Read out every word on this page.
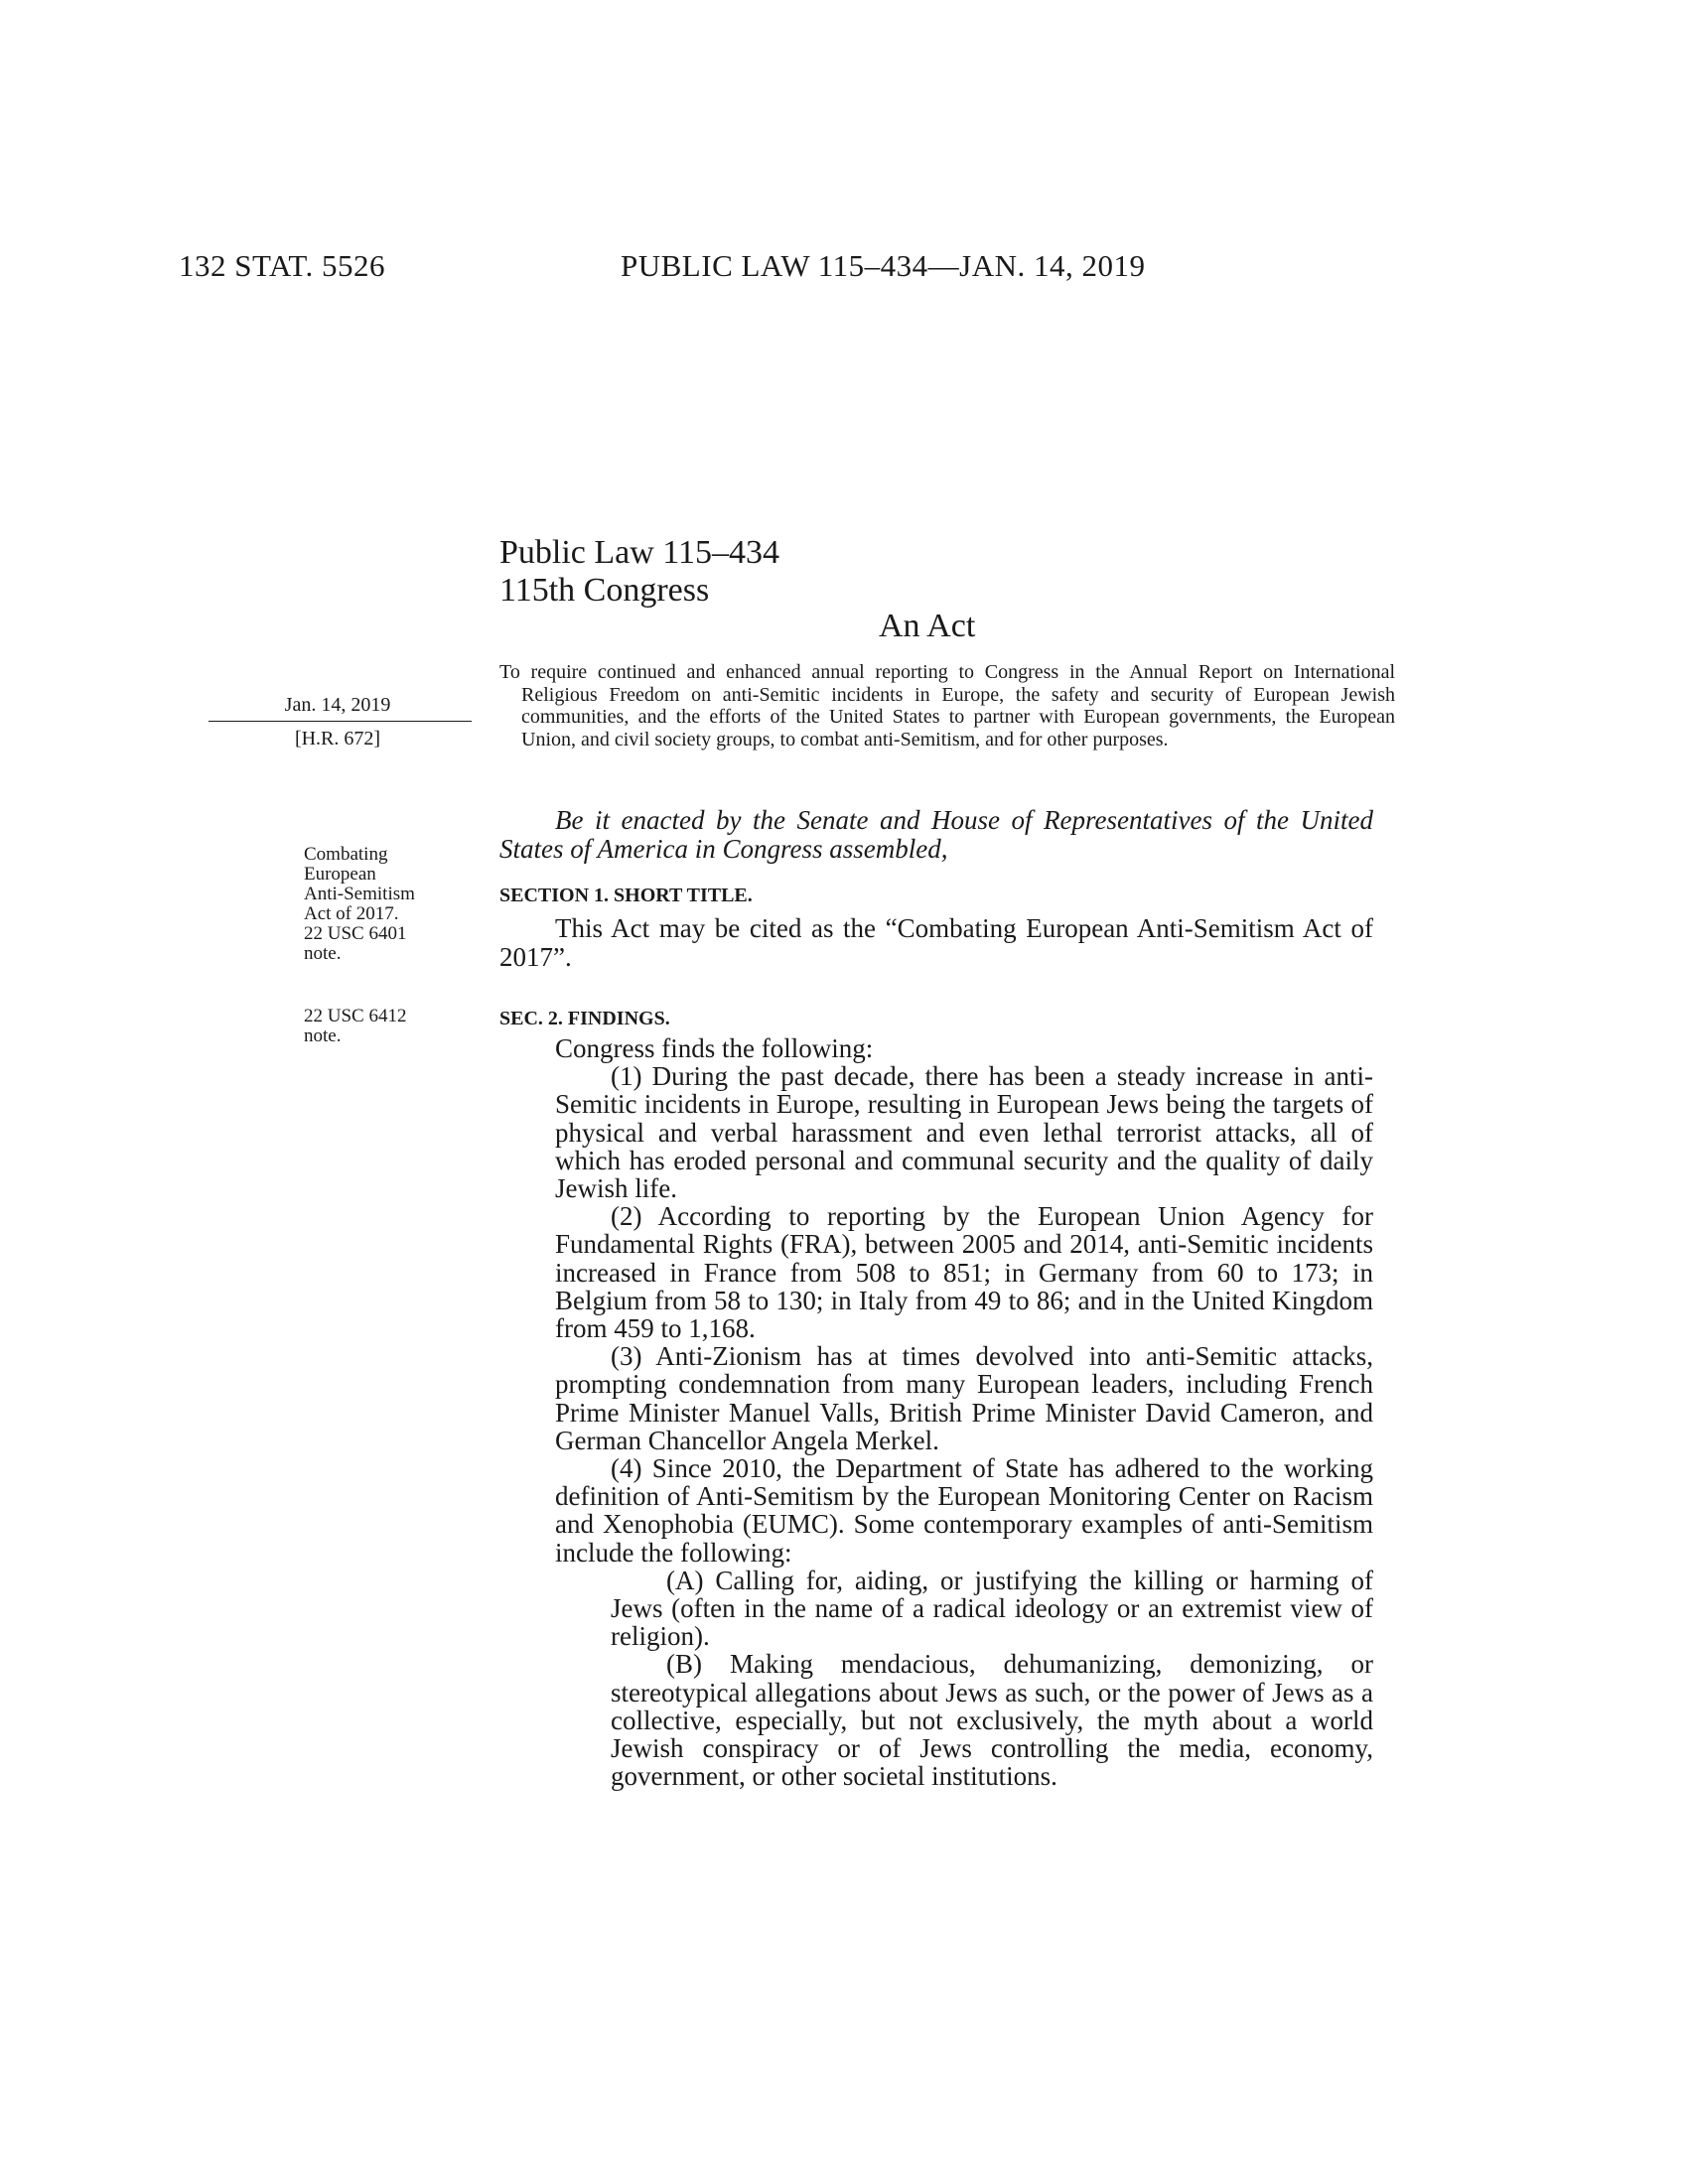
132 STAT. 5526	PUBLIC LAW 115–434—JAN. 14, 2019
Public Law 115–434
115th Congress
An Act
Jan. 14, 2019
[H.R. 672]
Combating
European
Anti-Semitism
Act of 2017.
22 USC 6401
note.
22 USC 6412
note.
To require continued and enhanced annual reporting to Congress in the Annual Report on International Religious Freedom on anti-Semitic incidents in Europe, the safety and security of European Jewish communities, and the efforts of the United States to partner with European governments, the European Union, and civil society groups, to combat anti-Semitism, and for other purposes.
Be it enacted by the Senate and House of Representatives of the United States of America in Congress assembled,
SECTION 1. SHORT TITLE.
This Act may be cited as the “Combating European Anti-Semitism Act of 2017”.
SEC. 2. FINDINGS.

Congress finds the following:

(1) During the past decade, there has been a steady increase in anti-Semitic incidents in Europe, resulting in European Jews being the targets of physical and verbal harassment and even lethal terrorist attacks, all of which has eroded personal and communal security and the quality of daily Jewish life.

(2) According to reporting by the European Union Agency for Fundamental Rights (FRA), between 2005 and 2014, anti-Semitic incidents increased in France from 508 to 851; in Germany from 60 to 173; in Belgium from 58 to 130; in Italy from 49 to 86; and in the United Kingdom from 459 to 1,168.

(3) Anti-Zionism has at times devolved into anti-Semitic attacks, prompting condemnation from many European leaders, including French Prime Minister Manuel Valls, British Prime Minister David Cameron, and German Chancellor Angela Merkel.

(4) Since 2010, the Department of State has adhered to the working definition of Anti-Semitism by the European Monitoring Center on Racism and Xenophobia (EUMC). Some contemporary examples of anti-Semitism include the following:

(A) Calling for, aiding, or justifying the killing or harming of Jews (often in the name of a radical ideology or an extremist view of religion).

(B) Making mendacious, dehumanizing, demonizing, or stereotypical allegations about Jews as such, or the power of Jews as a collective, especially, but not exclusively, the myth about a world Jewish conspiracy or of Jews controlling the media, economy, government, or other societal institutions.
